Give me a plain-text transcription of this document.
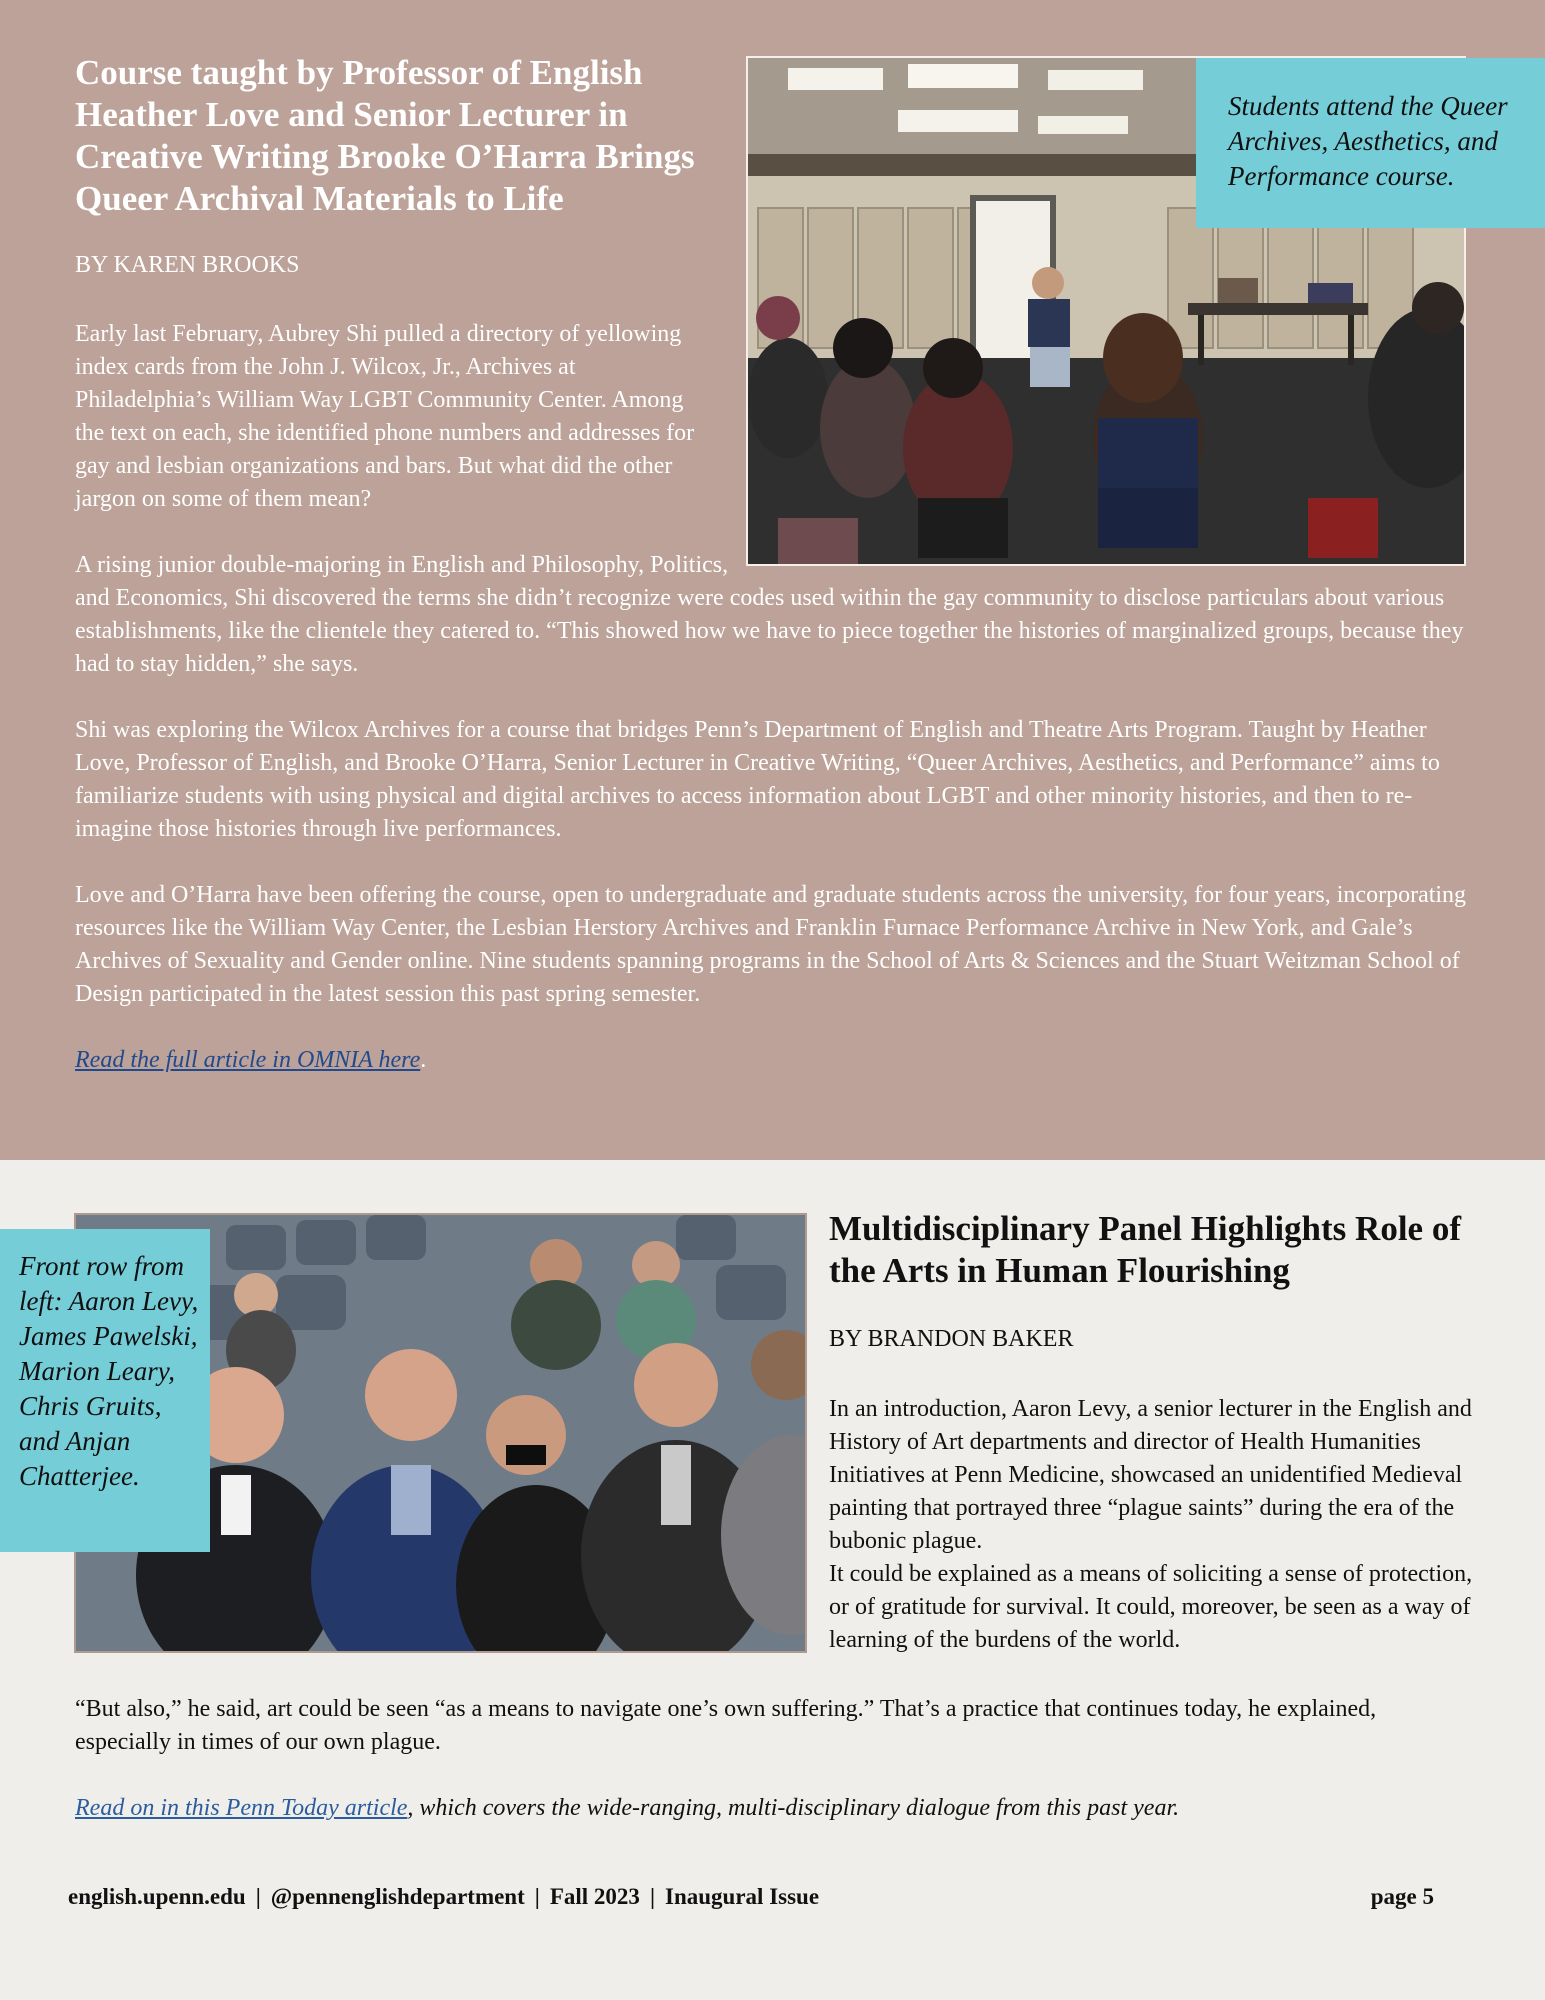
Course taught by Professor of English Heather Love and Senior Lecturer in Creative Writing Brooke O’Harra Brings Queer Archival Materials to Life

BY KAREN BROOKS

Students attend the Queer Archives, Aesthetics, and Performance course.

Early last February, Aubrey Shi pulled a directory of yellowing index cards from the John J. Wilcox, Jr., Archives at Philadelphia’s William Way LGBT Community Center. Among the text on each, she identified phone numbers and addresses for gay and lesbian organizations and bars. But what did the other jargon on some of them mean?

A rising junior double-majoring in English and Philosophy, Politics, and Economics, Shi discovered the terms she didn’t recognize were codes used within the gay community to disclose particulars about various establishments, like the clientele they catered to. “This showed how we have to piece together the histories of marginalized groups, because they had to stay hidden,” she says.

Shi was exploring the Wilcox Archives for a course that bridges Penn’s Department of English and Theatre Arts Program. Taught by Heather Love, Professor of English, and Brooke O’Harra, Senior Lecturer in Creative Writing, “Queer Archives, Aesthetics, and Performance” aims to familiarize students with using physical and digital archives to access information about LGBT and other minority histories, and then to re-imagine those histories through live performances.

Love and O’Harra have been offering the course, open to undergraduate and graduate students across the university, for four years, incorporating resources like the William Way Center, the Lesbian Herstory Archives and Franklin Furnace Performance Archive in New York, and Gale’s Archives of Sexuality and Gender online. Nine students spanning programs in the School of Arts & Sciences and the Stuart Weitzman School of Design participated in the latest session this past spring semester.

Read the full article in OMNIA here.

Front row from left: Aaron Levy, James Pawelski, Marion Leary, Chris Gruits, and Anjan Chatterjee.

Multidisciplinary Panel Highlights Role of the Arts in Human Flourishing

BY BRANDON BAKER

In an introduction, Aaron Levy, a senior lecturer in the English and History of Art departments and director of Health Humanities Initiatives at Penn Medicine, showcased an unidentified Medieval painting that portrayed three “plague saints” during the era of the bubonic plague.
It could be explained as a means of soliciting a sense of protection, or of gratitude for survival. It could, moreover, be seen as a way of learning of the burdens of the world.

“But also,” he said, art could be seen “as a means to navigate one’s own suffering.” That’s a practice that continues today, he explained, especially in times of our own plague.

Read on in this Penn Today article, which covers the wide-ranging, multi-disciplinary dialogue from this past year.

english.upenn.edu | @pennenglishdepartment | Fall 2023 | Inaugural Issue	page 5
